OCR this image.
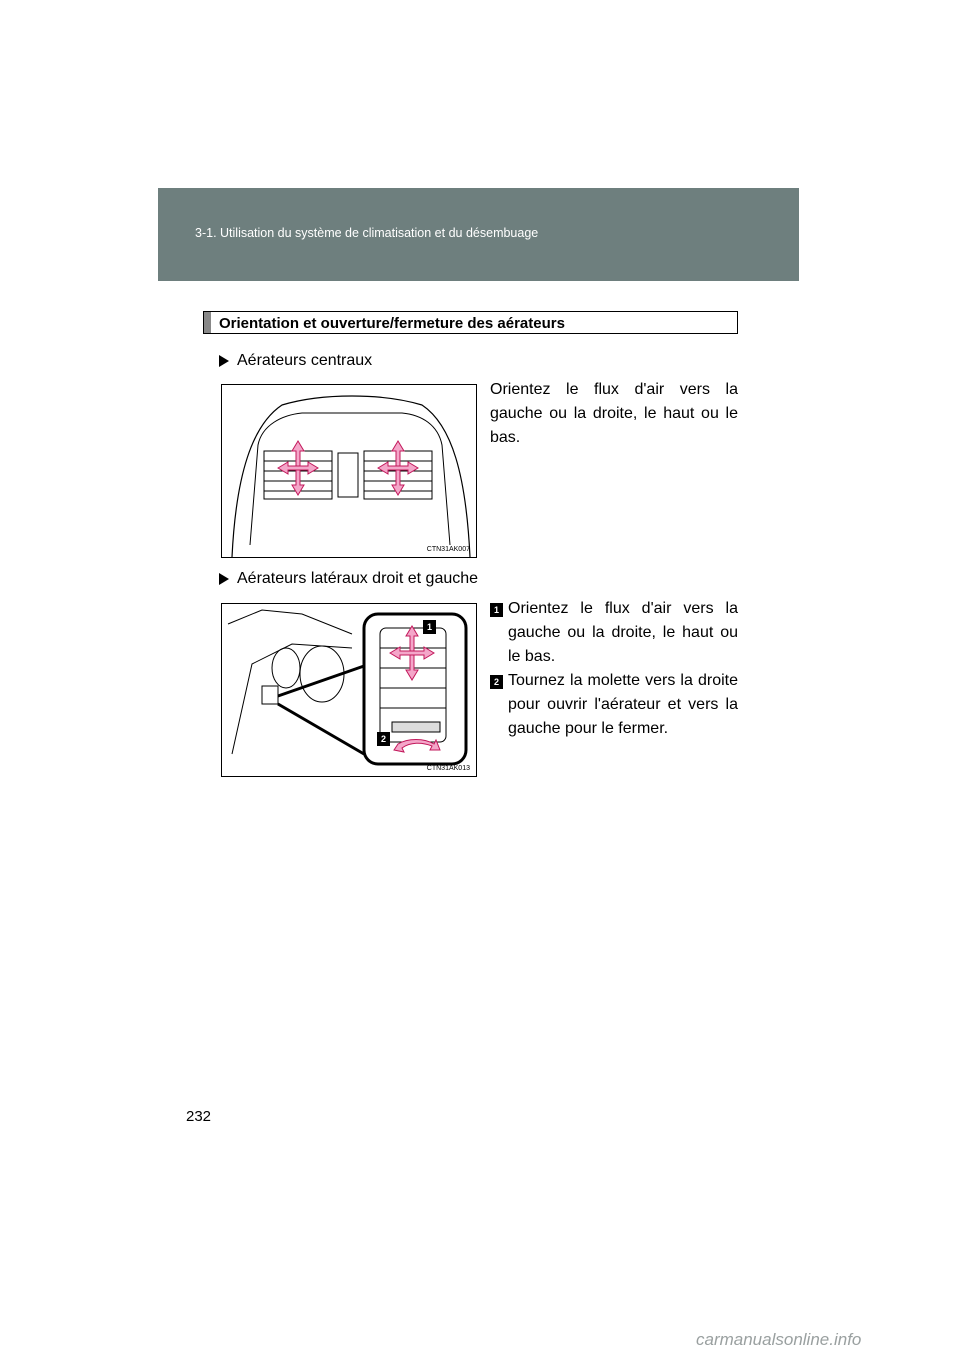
3-1. Utilisation du système de climatisation et du désembuage
Orientation et ouverture/fermeture des aérateurs
Aérateurs centraux
CTN31AK007
Orientez le flux d'air vers la gauche ou la droite, le haut ou le bas.
Aérateurs latéraux droit et gauche
1
2
CTN31AK013
1 Orientez le flux d'air vers la gauche ou la droite, le haut ou le bas.
2 Tournez la molette vers la droite pour ouvrir l'aérateur et vers la gauche pour le fermer.
232
carmanualsonline.info
